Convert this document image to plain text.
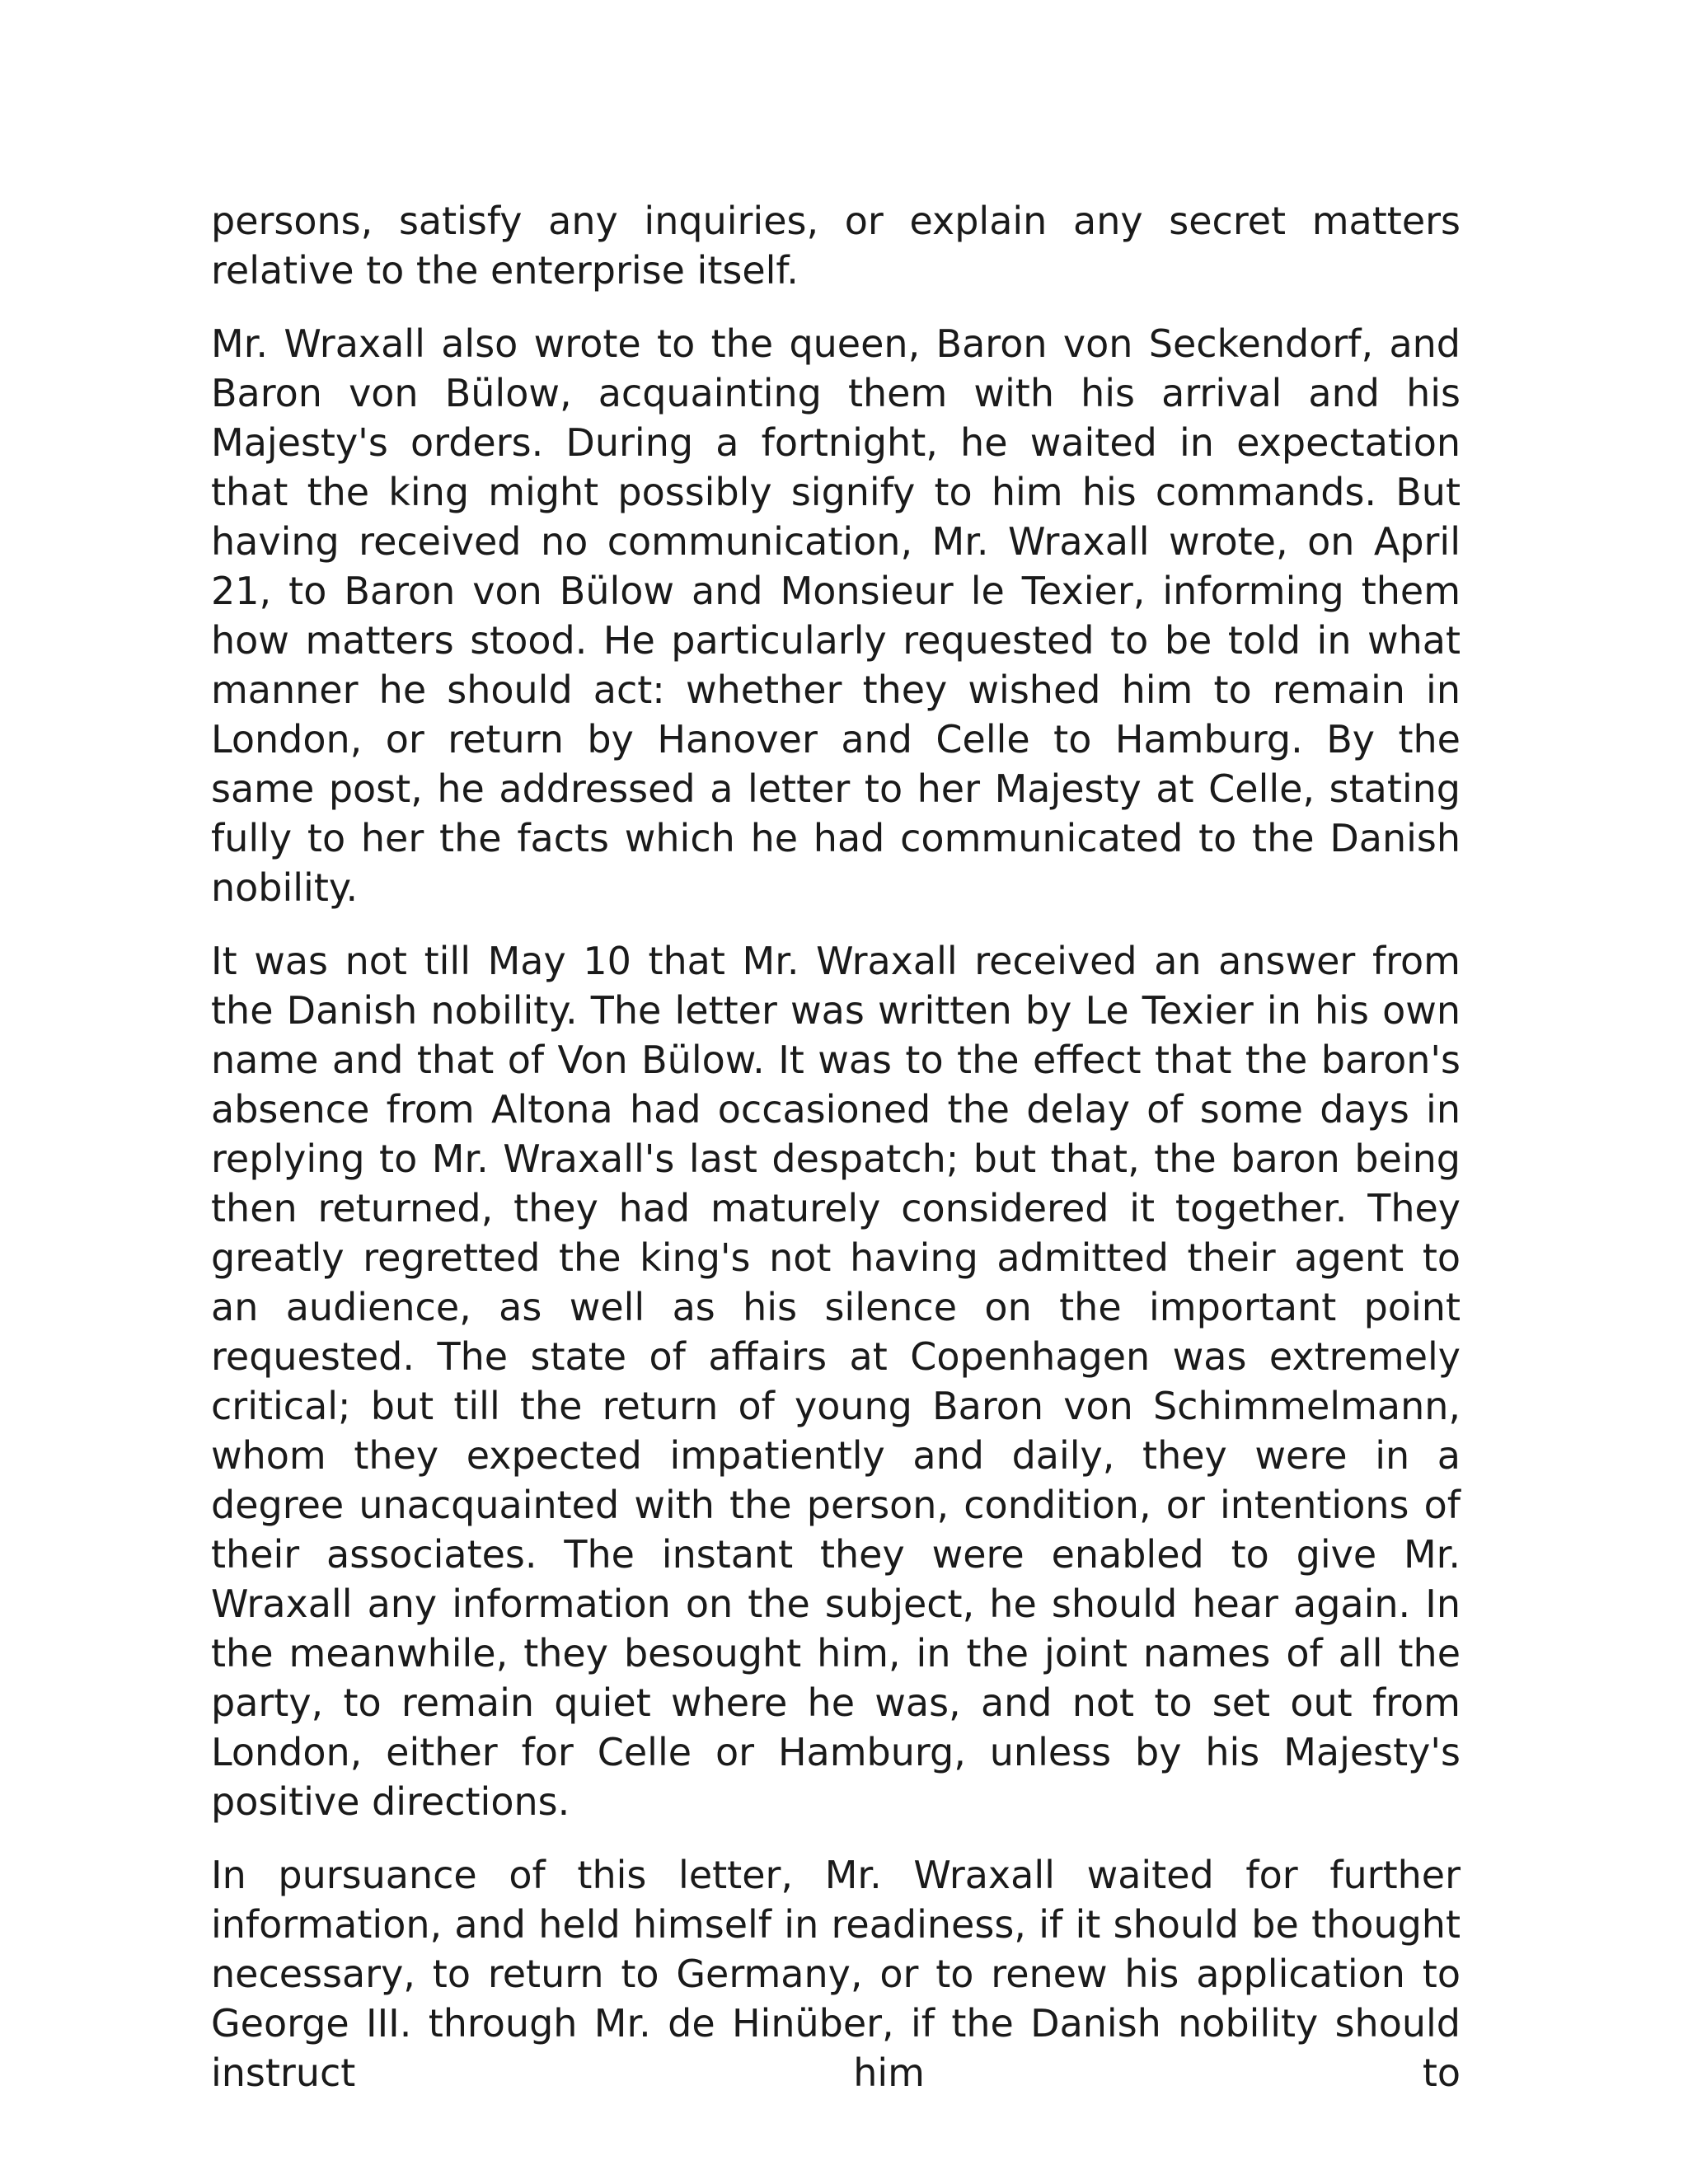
persons, satisfy any inquiries, or explain any secret matters relative to the enterprise itself.

Mr. Wraxall also wrote to the queen, Baron von Seckendorf, and Baron von Bülow, acquainting them with his arrival and his Majesty's orders. During a fortnight, he waited in expectation that the king might possibly signify to him his commands. But having received no communication, Mr. Wraxall wrote, on April 21, to Baron von Bülow and Monsieur le Texier, informing them how matters stood. He particularly requested to be told in what manner he should act: whether they wished him to remain in London, or return by Hanover and Celle to Hamburg. By the same post, he addressed a letter to her Majesty at Celle, stating fully to her the facts which he had communicated to the Danish nobility.

It was not till May 10 that Mr. Wraxall received an answer from the Danish nobility. The letter was written by Le Texier in his own name and that of Von Bülow. It was to the effect that the baron's absence from Altona had occasioned the delay of some days in replying to Mr. Wraxall's last despatch; but that, the baron being then returned, they had maturely considered it together. They greatly regretted the king's not having admitted their agent to an audience, as well as his silence on the important point requested. The state of affairs at Copenhagen was extremely critical; but till the return of young Baron von Schimmelmann, whom they expected impatiently and daily, they were in a degree unacquainted with the person, condition, or intentions of their associates. The instant they were enabled to give Mr. Wraxall any information on the subject, he should hear again. In the meanwhile, they besought him, in the joint names of all the party, to remain quiet where he was, and not to set out from London, either for Celle or Hamburg, unless by his Majesty's positive directions.

In pursuance of this letter, Mr. Wraxall waited for further information, and held himself in readiness, if it should be thought necessary, to return to Germany, or to renew his application to George III. through Mr. de Hinüber, if the Danish nobility should instruct him to
